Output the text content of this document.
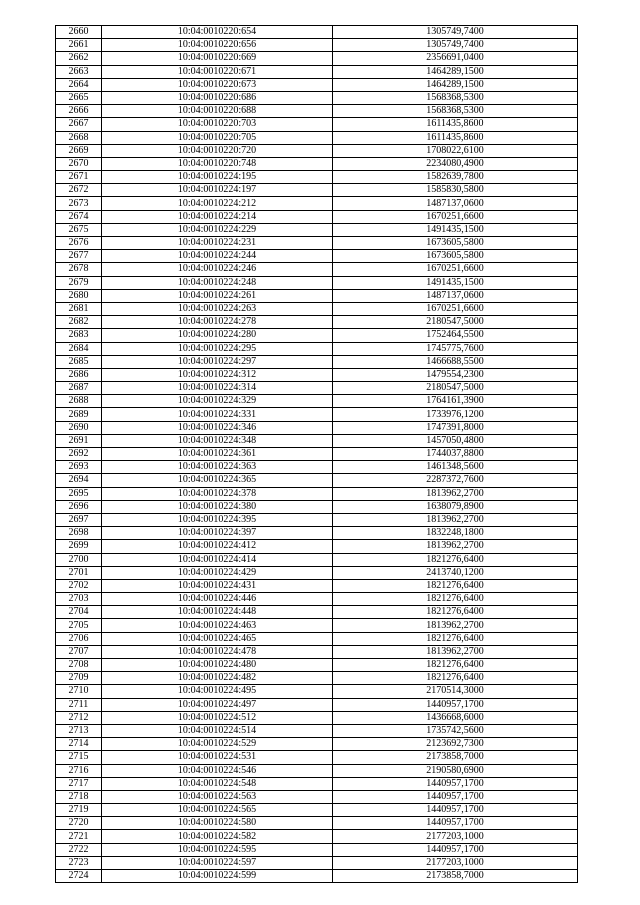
2660	10:04:0010220:654	1305749,7400
2661	10:04:0010220:656	1305749,7400
2662	10:04:0010220:669	2356691,0400
2663	10:04:0010220:671	1464289,1500
2664	10:04:0010220:673	1464289,1500
2665	10:04:0010220:686	1568368,5300
2666	10:04:0010220:688	1568368,5300
2667	10:04:0010220:703	1611435,8600
2668	10:04:0010220:705	1611435,8600
2669	10:04:0010220:720	1708022,6100
2670	10:04:0010220:748	2234080,4900
2671	10:04:0010224:195	1582639,7800
2672	10:04:0010224:197	1585830,5800
2673	10:04:0010224:212	1487137,0600
2674	10:04:0010224:214	1670251,6600
2675	10:04:0010224:229	1491435,1500
2676	10:04:0010224:231	1673605,5800
2677	10:04:0010224:244	1673605,5800
2678	10:04:0010224:246	1670251,6600
2679	10:04:0010224:248	1491435,1500
2680	10:04:0010224:261	1487137,0600
2681	10:04:0010224:263	1670251,6600
2682	10:04:0010224:278	2180547,5000
2683	10:04:0010224:280	1752464,5500
2684	10:04:0010224:295	1745775,7600
2685	10:04:0010224:297	1466688,5500
2686	10:04:0010224:312	1479554,2300
2687	10:04:0010224:314	2180547,5000
2688	10:04:0010224:329	1764161,3900
2689	10:04:0010224:331	1733976,1200
2690	10:04:0010224:346	1747391,8000
2691	10:04:0010224:348	1457050,4800
2692	10:04:0010224:361	1744037,8800
2693	10:04:0010224:363	1461348,5600
2694	10:04:0010224:365	2287372,7600
2695	10:04:0010224:378	1813962,2700
2696	10:04:0010224:380	1638079,8900
2697	10:04:0010224:395	1813962,2700
2698	10:04:0010224:397	1832248,1800
2699	10:04:0010224:412	1813962,2700
2700	10:04:0010224:414	1821276,6400
2701	10:04:0010224:429	2413740,1200
2702	10:04:0010224:431	1821276,6400
2703	10:04:0010224:446	1821276,6400
2704	10:04:0010224:448	1821276,6400
2705	10:04:0010224:463	1813962,2700
2706	10:04:0010224:465	1821276,6400
2707	10:04:0010224:478	1813962,2700
2708	10:04:0010224:480	1821276,6400
2709	10:04:0010224:482	1821276,6400
2710	10:04:0010224:495	2170514,3000
2711	10:04:0010224:497	1440957,1700
2712	10:04:0010224:512	1436668,6000
2713	10:04:0010224:514	1735742,5600
2714	10:04:0010224:529	2123692,7300
2715	10:04:0010224:531	2173858,7000
2716	10:04:0010224:546	2190580,6900
2717	10:04:0010224:548	1440957,1700
2718	10:04:0010224:563	1440957,1700
2719	10:04:0010224:565	1440957,1700
2720	10:04:0010224:580	1440957,1700
2721	10:04:0010224:582	2177203,1000
2722	10:04:0010224:595	1440957,1700
2723	10:04:0010224:597	2177203,1000
2724	10:04:0010224:599	2173858,7000
